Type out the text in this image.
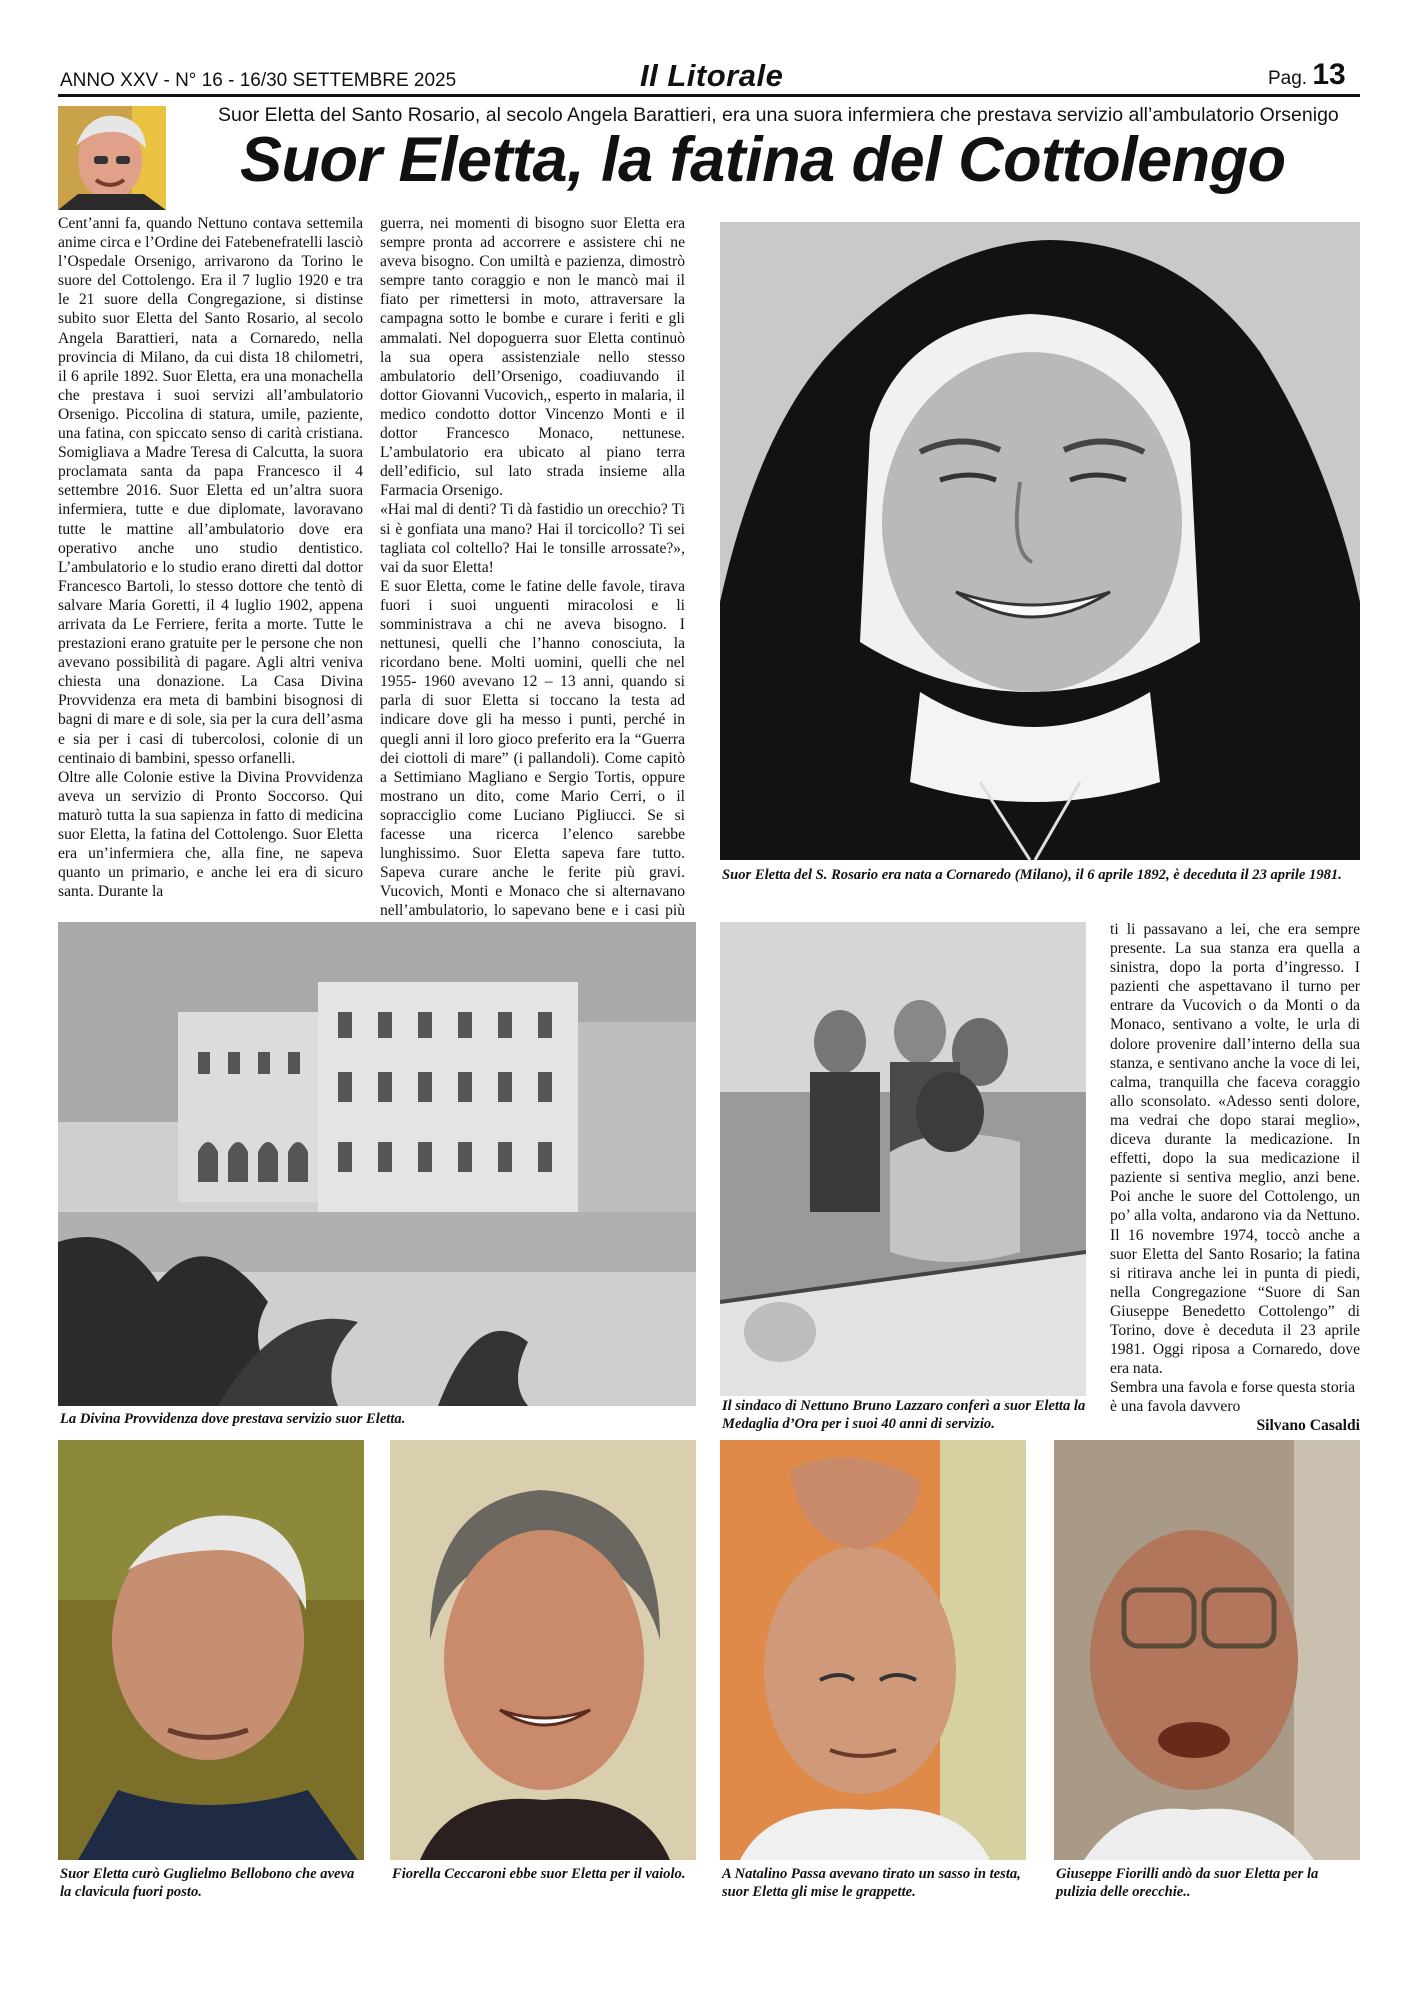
ANNO XXV - N° 16 - 16/30 SETTEMBRE 2025	Il Litorale	Pag. 13
Suor Eletta del Santo Rosario, al secolo Angela Barattieri, era una suora infermiera che prestava servizio all’ambulatorio Orsenigo
Suor Eletta, la fatina del Cottolengo

Cent’anni fa, quando Nettuno contava settemila anime circa e l’Ordine dei Fatebenefratelli lasciò l’Ospedale Orsenigo, arrivarono da Torino le suore del Cottolengo. Era il 7 luglio 1920 e tra le 21 suore della Congregazione, si distinse subito suor Eletta del Santo Rosario, al secolo Angela Barattieri, nata a Cornaredo, nella provincia di Milano, da cui dista 18 chilometri, il 6 aprile 1892. Suor Eletta, era una monachella che prestava i suoi servizi all’ambulatorio Orsenigo. Piccolina di statura, umile, paziente, una fatina, con spiccato senso di carità cristiana. Somigliava a Madre Teresa di Calcutta, la suora proclamata santa da papa Francesco il 4 settembre 2016. Suor Eletta ed un’altra suora infermiera, tutte e due diplomate, lavoravano tutte le mattine all’ambulatorio dove era operativo anche uno studio dentistico. L’ambulatorio e lo studio erano diretti dal dottor Francesco Bartoli, lo stesso dottore che tentò di salvare Maria Goretti, il 4 luglio 1902, appena arrivata da Le Ferriere, ferita a morte. Tutte le prestazioni erano gratuite per le persone che non avevano possibilità di pagare. Agli altri veniva chiesta una donazione. La Casa Divina Provvidenza era meta di bambini bisognosi di bagni di mare e di sole, sia per la cura dell’asma e sia per i casi di tubercolosi, colonie di un centinaio di bambini, spesso orfanelli.

Oltre alle Colonie estive la Divina Provvidenza aveva un servizio di Pronto Soccorso. Qui maturò tutta la sua sapienza in fatto di medicina suor Eletta, la fatina del Cottolengo. Suor Eletta era un’infermiera che, alla fine, ne sapeva quanto un primario, e anche lei era di sicuro santa. Durante la

guerra, nei momenti di bisogno suor Eletta era sempre pronta ad accorrere e assistere chi ne aveva bisogno. Con umiltà e pazienza, dimostrò sempre tanto coraggio e non le mancò mai il fiato per rimettersi in moto, attraversare la campagna sotto le bombe e curare i feriti e gli ammalati. Nel dopoguerra suor Eletta continuò la sua opera assistenziale nello stesso ambulatorio dell’Orsenigo, coadiuvando il dottor Giovanni Vucovich,, esperto in malaria, il medico condotto dottor Vincenzo Monti e il dottor Francesco Monaco, nettunese. L’ambulatorio era ubicato al piano terra dell’edificio, sul lato strada insieme alla Farmacia Orsenigo.

«Hai mal di denti? Ti dà fastidio un orecchio? Ti si è gonfiata una mano? Hai il torcicollo? Ti sei tagliata col coltello? Hai le tonsille arrossate?», vai da suor Eletta!

E suor Eletta, come le fatine delle favole, tirava fuori i suoi unguenti miracolosi e li somministrava a chi ne aveva bisogno. I nettunesi, quelli che l’hanno conosciuta, la ricordano bene. Molti uomini, quelli che nel 1955- 1960 avevano 12 – 13 anni, quando si parla di suor Eletta si toccano la testa ad indicare dove gli ha messo i punti, perché in quegli anni il loro gioco preferito era la “Guerra dei ciottoli di mare” (i pallandoli). Come capitò a Settimiano Magliano e Sergio Tortis, oppure mostrano un dito, come Mario Cerri, o il sopracciglio come Luciano Pigliucci. Se si facesse una ricerca l’elenco sarebbe lunghissimo. Suor Eletta sapeva fare tutto. Sapeva curare anche le ferite più gravi. Vucovich, Monti e Monaco che si alternavano nell’ambulatorio, lo sapevano bene e i casi più

Suor Eletta del S. Rosario era nata a Cornaredo (Milano), il 6 aprile 1892, è deceduta il 23 aprile 1981.

La Divina Provvidenza dove prestava servizio suor Eletta.

Il sindaco di Nettuno Bruno Lazzaro conferì a suor Eletta la Medaglia d’Ora per i suoi 40 anni di servizio.

ti li passavano a lei, che era sempre presente. La sua stanza era quella a sinistra, dopo la porta d’ingresso. I pazienti che aspettavano il turno per entrare da Vucovich o da Monti o da Monaco, sentivano a volte, le urla di dolore provenire dall’interno della sua stanza, e sentivano anche la voce di lei, calma, tranquilla che faceva coraggio allo sconsolato. «Adesso senti dolore, ma vedrai che dopo starai meglio», diceva durante la medicazione. In effetti, dopo la sua medicazione il paziente si sentiva meglio, anzi bene. Poi anche le suore del Cottolengo, un po’ alla volta, andarono via da Nettuno. Il 16 novembre 1974, toccò anche a suor Eletta del Santo Rosario; la fatina si ritirava anche lei in punta di piedi, nella Congregazione “Suore di San Giuseppe Benedetto Cottolengo” di Torino, dove è deceduta il 23 aprile 1981. Oggi riposa a Cornaredo, dove era nata.

Sembra una favola e forse questa storia è una favola davvero

Silvano Casaldi

Suor Eletta curò Guglielmo Bellobono che aveva la clavicula fuori posto.

Fiorella Ceccaroni ebbe suor Eletta per il vaiolo.	A Natalino Passa avevano tirato un sasso in testa, suor Eletta gli mise le grappette.

Giuseppe Fiorilli andò da suor Eletta per la pulizia delle orecchie..
